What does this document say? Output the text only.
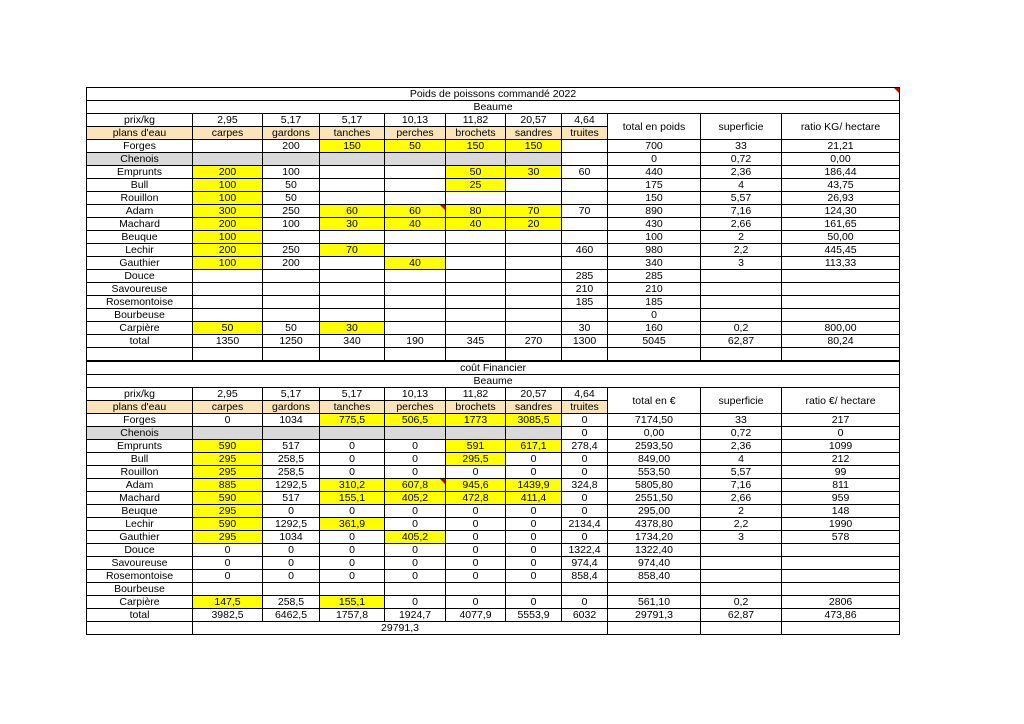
Poids de poissons commandé 2022										

Beaume										
prix/kg	2,95	5,17	5,17	10,13	11,82	20,57	4,64	total en poids	superficie	ratio KG/ hectare
plans d'eau	carpes	gardons	tanches	perches	brochets	sandres	truites			
Forges		200	150	50	150	150		700	33	21,21
Chenois								0	0,72	0,00
Emprunts	200	100			50	30	60	440	2,36	186,44
Bull	100	50			25			175	4	43,75
Rouillon	100	50						150	5,57	26,93
Adam	300	250	60	60	80	70	70	890	7,16	124,30
Machard	200	100	30	40	40	20		430	2,66	161,65
Beuque	100							100	2	50,00
Lechir	200	250	70				460	980	2,2	445,45
Gauthier	100	200		40				340	3	113,33
Douce							285	285		
Savoureuse							210	210		
Rosemontoise							185	185		
Bourbeuse								0		
Carpière	50	50	30				30	160	0,2	800,00
total	1350	1250	340	190	345	270	1300	5045	62,87	80,24

coût Financier										
Beaume										
prix/kg	2,95	5,17	5,17	10,13	11,82	20,57	4,64	total en €	superficie	ratio €/ hectare
plans d'eau	carpes	gardons	tanches	perches	brochets	sandres	truites			
Forges	0	1034	775,5	506,5	1773	3085,5	0	7174,50	33	217
Chenois							0	0,00	0,72	0
Emprunts	590	517	0	0	591	617,1	278,4	2593,50	2,36	1099
Bull	295	258,5	0	0	295,5	0	0	849,00	4	212
Rouillon	295	258,5	0	0	0	0	0	553,50	5,57	99
Adam	885	1292,5	310,2	607,8	945,6	1439,9	324,8	5805,80	7,16	811
Machard	590	517	155,1	405,2	472,8	411,4	0	2551,50	2,66	959
Beuque	295	0	0	0	0	0	0	295,00	2	148
Lechir	590	1292,5	361,9	0	0	0	2134,4	4378,80	2,2	1990
Gauthier	295	1034	0	405,2	0	0	0	1734,20	3	578
Douce	0	0	0	0	0	0	1322,4	1322,40		
Savoureuse	0	0	0	0	0	0	974,4	974,40		
Rosemontoise	0	0	0	0	0	0	858,4	858,40		
Bourbeuse										
Carpière	147,5	258,5	155,1	0	0	0	0	561,10	0,2	2806
total	3982,5	6462,5	1757,8	1924,7	4077,9	5553,9	6032	29791,3	62,87	473,86
	29791,3									
